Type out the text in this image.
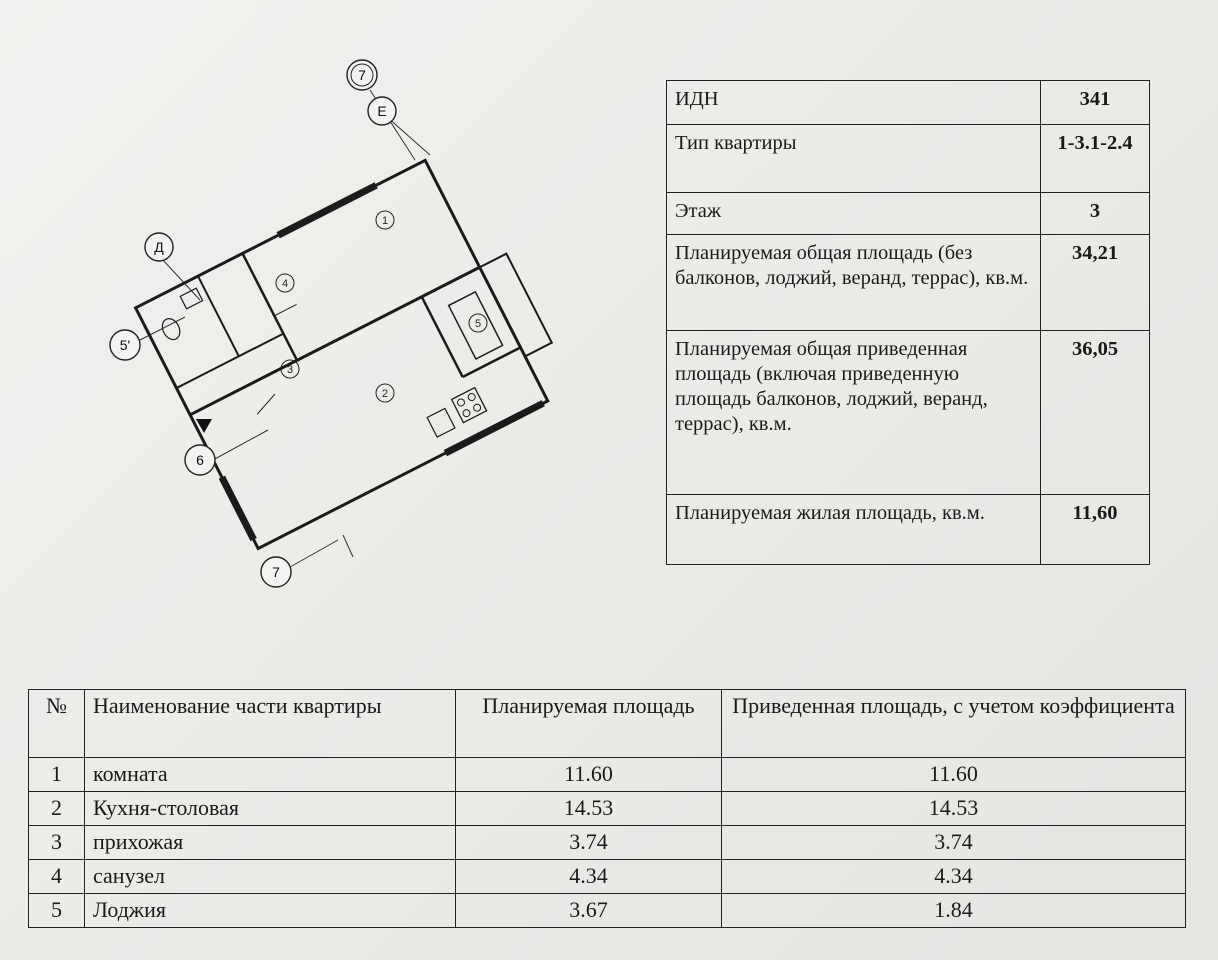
1
2
3
4
5
7
Е
Д
5'
6
7
ИДН	341
Тип квартиры	1-3.1-2.4
Этаж	3
Планируемая общая площадь (без балконов, лоджий, веранд, террас), кв.м.	34,21
Планируемая общая приведенная площадь (включая приведенную площадь балконов, лоджий, веранд, террас), кв.м.	36,05
Планируемая жилая площадь, кв.м.	11,60
№	Наименование части квартиры	Планируемая площадь	Приведенная площадь, с учетом коэффициента
1	комната	11.60	11.60
2	Кухня-столовая	14.53	14.53
3	прихожая	3.74	3.74
4	санузел	4.34	4.34
5	Лоджия	3.67	1.84
